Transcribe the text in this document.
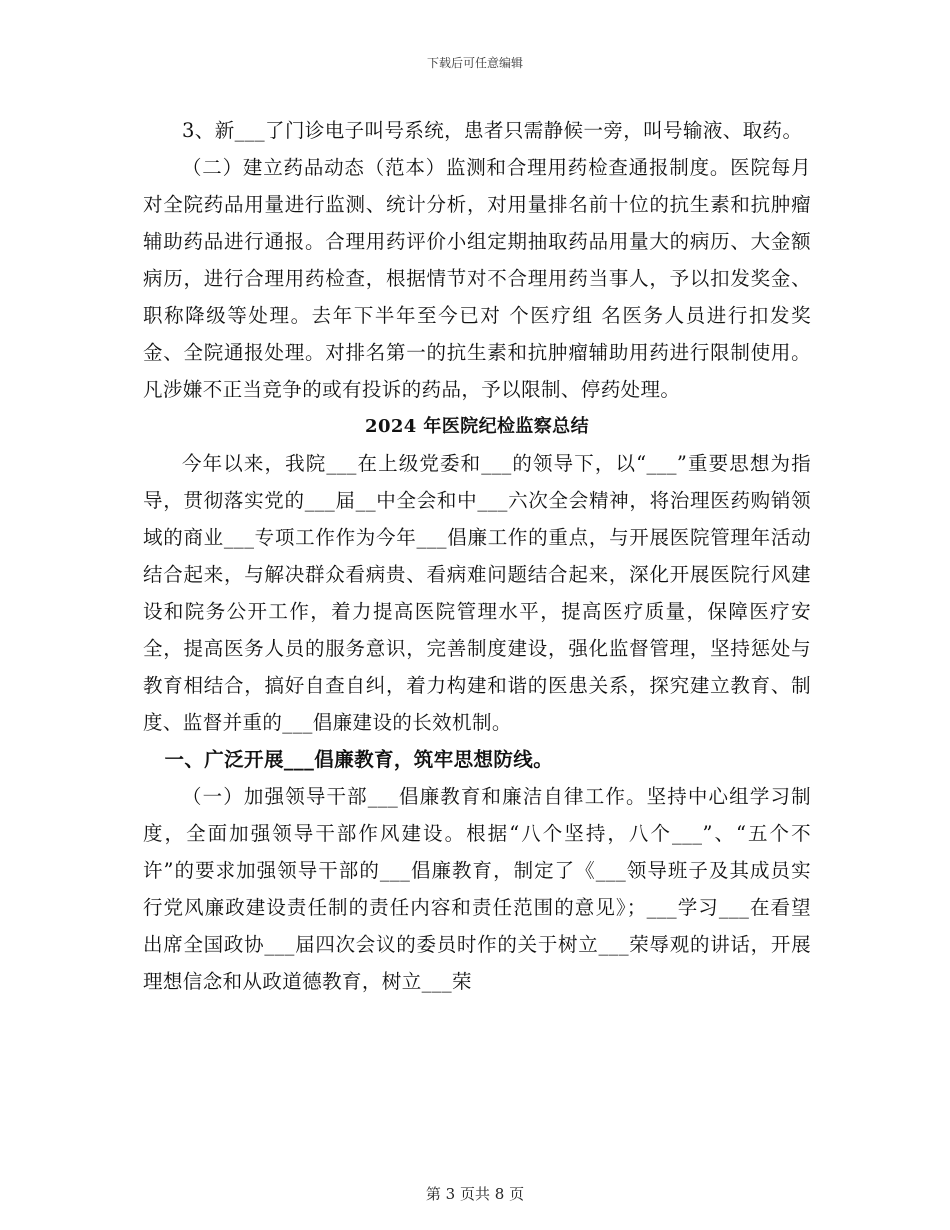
下载后可任意编辑

3、新___了门诊电子叫号系统，患者只需静候一旁，叫号输液、取药。

（二）建立药品动态（范本）监测和合理用药检查通报制度。医院每月对全院药品用量进行监测、统计分析，对用量排名前十位的抗生素和抗肿瘤辅助药品进行通报。合理用药评价小组定期抽取药品用量大的病历、大金额病历，进行合理用药检查，根据情节对不合理用药当事人，予以扣发奖金、职称降级等处理。去年下半年至今已对 个医疗组 名医务人员进行扣发奖金、全院通报处理。对排名第一的抗生素和抗肿瘤辅助用药进行限制使用。凡涉嫌不正当竞争的或有投诉的药品，予以限制、停药处理。

2024 年医院纪检监察总结

今年以来，我院___在上级党委和___的领导下，以“___”重要思想为指导，贯彻落实党的___届__中全会和中___六次全会精神，将治理医药购销领域的商业___专项工作作为今年___倡廉工作的重点，与开展医院管理年活动结合起来，与解决群众看病贵、看病难问题结合起来，深化开展医院行风建设和院务公开工作，着力提高医院管理水平，提高医疗质量，保障医疗安全，提高医务人员的服务意识，完善制度建设，强化监督管理，坚持惩处与教育相结合，搞好自查自纠，着力构建和谐的医患关系，探究建立教育、制度、监督并重的___倡廉建设的长效机制。

一、广泛开展___倡廉教育，筑牢思想防线。

（一）加强领导干部___倡廉教育和廉洁自律工作。坚持中心组学习制度，全面加强领导干部作风建设。根据“八个坚持，八个___”、“五个不许”的要求加强领导干部的___倡廉教育，制定了《___领导班子及其成员实行党风廉政建设责任制的责任内容和责任范围的意见》；___学习___在看望出席全国政协___届四次会议的委员时作的关于树立___荣辱观的讲话，开展理想信念和从政道德教育，树立___荣

第 3 页共 8 页
